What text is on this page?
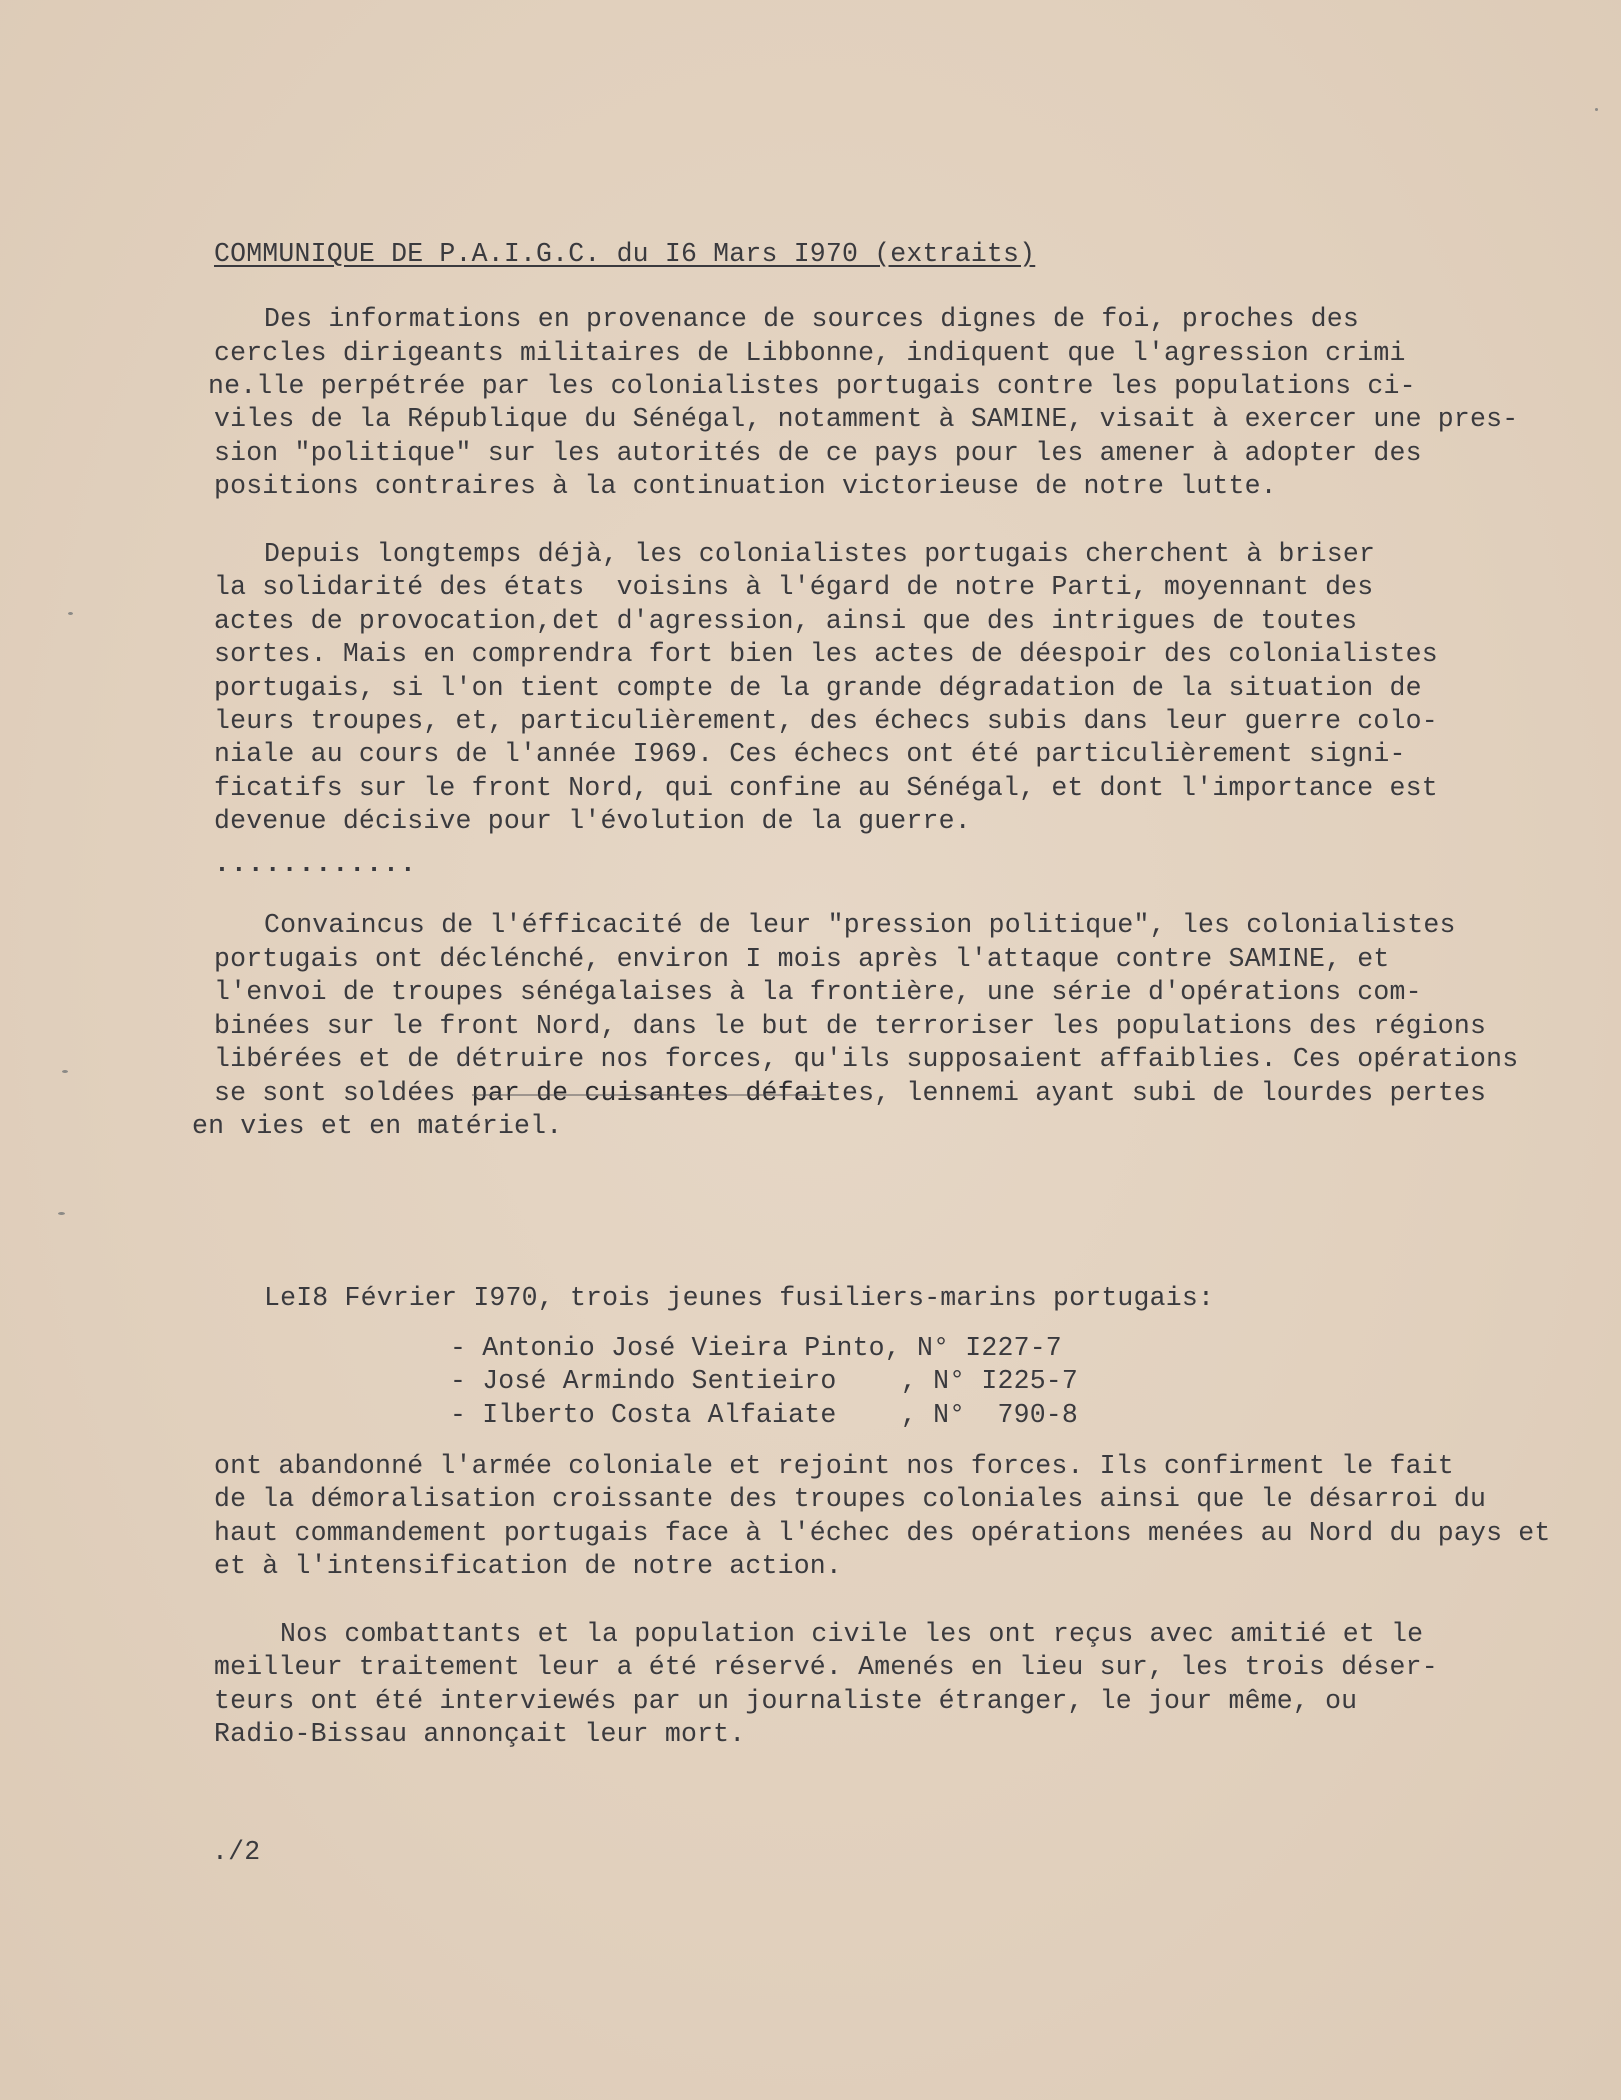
COMMUNIQUE DE P.A.I.G.C. du I6 Mars I970 (extraits)
Des informations en provenance de sources dignes de foi, proches des
cercles dirigeants militaires de Libbonne, indiquent que l'agression crimi
ne.lle perpétrée par les colonialistes portugais contre les populations ci-
viles de la République du Sénégal, notamment à SAMINE, visait à exercer une pres-
sion "politique" sur les autorités de ce pays pour les amener à adopter des
positions contraires à la continuation victorieuse de notre lutte.
Depuis longtemps déjà, les colonialistes portugais cherchent à briser
la solidarité des états  voisins à l'égard de notre Parti, moyennant des
actes de provocation,det d'agression, ainsi que des intrigues de toutes
sortes. Mais en comprendra fort bien les actes de déespoir des colonialistes
portugais, si l'on tient compte de la grande dégradation de la situation de
leurs troupes, et, particulièrement, des échecs subis dans leur guerre colo-
niale au cours de l'année I969. Ces échecs ont été particulièrement signi-
ficatifs sur le front Nord, qui confine au Sénégal, et dont l'importance est
devenue décisive pour l'évolution de la guerre.
............
Convaincus de l'éfficacité de leur "pression politique", les colonialistes
portugais ont déclénché, environ I mois après l'attaque contre SAMINE, et
l'envoi de troupes sénégalaises à la frontière, une série d'opérations com-
binées sur le front Nord, dans le but de terroriser les populations des régions
libérées et de détruire nos forces, qu'ils supposaient affaiblies. Ces opérations
se sont soldées par de cuisantes défai
tes, lennemi ayant subi de lourdes pertes
en vies et en matériel.
LeI8 Février I970, trois jeunes fusiliers-marins portugais:
- Antonio José Vieira Pinto, N° I227-7
- José Armindo Sentieiro    , N° I225-7
- Ilberto Costa Alfaiate    , N°  790-8
ont abandonné l'armée coloniale et rejoint nos forces. Ils confirment le fait
de la démoralisation croissante des troupes coloniales ainsi que le désarroi du
haut commandement portugais face à l'échec des opérations menées au Nord du pays et
et à l'intensification de notre action.
Nos combattants et la population civile les ont reçus avec amitié et le
meilleur traitement leur a été réservé. Amenés en lieu sur, les trois déser-
teurs ont été interviewés par un journaliste étranger, le jour même, ou
Radio-Bissau annonçait leur mort.
./2
